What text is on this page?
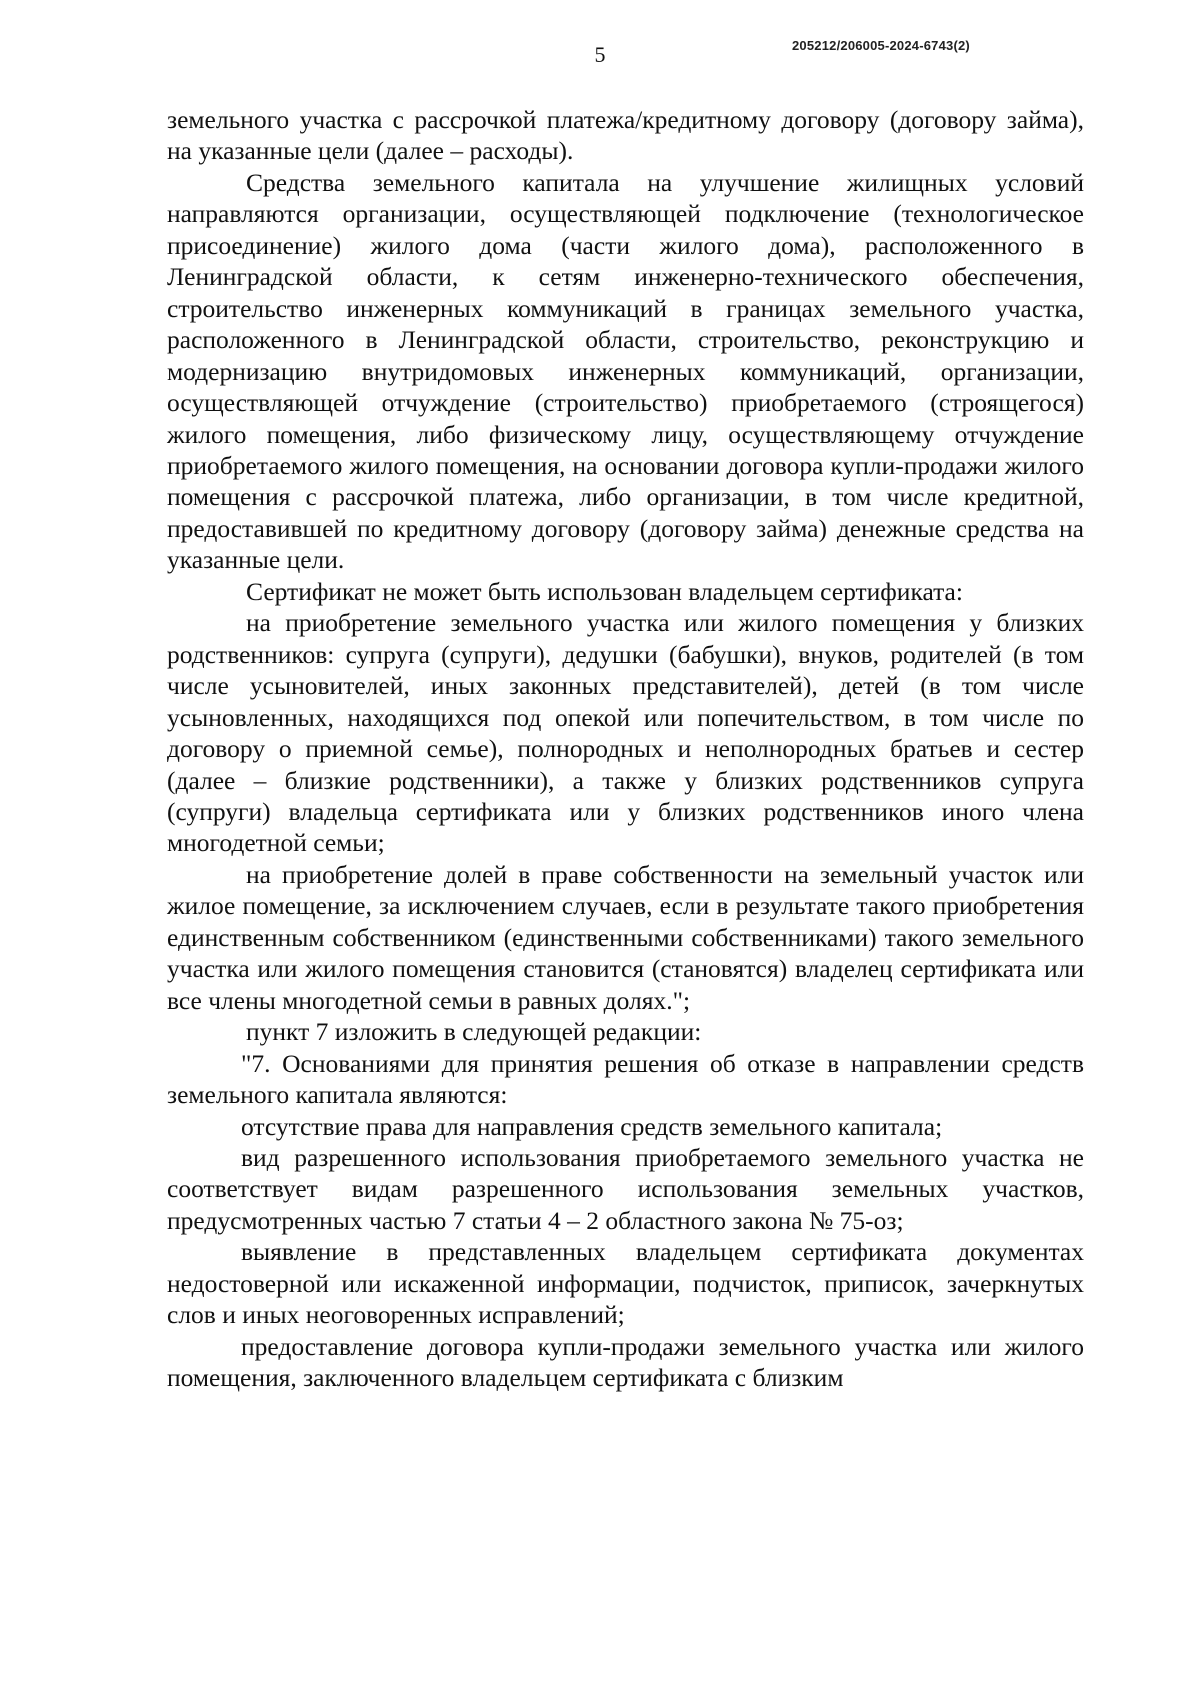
5	205212/206005-2024-6743(2)

земельного участка с рассрочкой платежа/кредитному договору (договору займа), на указанные цели (далее – расходы).

Средства земельного капитала на улучшение жилищных условий направляются организации, осуществляющей подключение (технологическое присоединение) жилого дома (части жилого дома), расположенного в Ленинградской области, к сетям инженерно-технического обеспечения, строительство инженерных коммуникаций в границах земельного участка, расположенного в Ленинградской области, строительство, реконструкцию и модернизацию внутридомовых инженерных коммуникаций, организации, осуществляющей отчуждение (строительство) приобретаемого (строящегося) жилого помещения, либо физическому лицу, осуществляющему отчуждение приобретаемого жилого помещения, на основании договора купли-продажи жилого помещения с рассрочкой платежа, либо организации, в том числе кредитной, предоставившей по кредитному договору (договору займа) денежные средства на указанные цели.

Сертификат не может быть использован владельцем сертификата:

на приобретение земельного участка или жилого помещения у близких родственников: супруга (супруги), дедушки (бабушки), внуков, родителей (в том числе усыновителей, иных законных представителей), детей (в том числе усыновленных, находящихся под опекой или попечительством, в том числе по договору о приемной семье), полнородных и неполнородных братьев и сестер (далее – близкие родственники), а также у близких родственников супруга (супруги) владельца сертификата или у близких родственников иного члена многодетной семьи;

на приобретение долей в праве собственности на земельный участок или жилое помещение, за исключением случаев, если в результате такого приобретения единственным собственником (единственными собственниками) такого земельного участка или жилого помещения становится (становятся) владелец сертификата или все члены многодетной семьи в равных долях.";

пункт 7 изложить в следующей редакции:

"7. Основаниями для принятия решения об отказе в направлении средств земельного капитала являются:

отсутствие права для направления средств земельного капитала;

вид разрешенного использования приобретаемого земельного участка не соответствует видам разрешенного использования земельных участков, предусмотренных частью 7 статьи 4 – 2 областного закона № 75-оз;

выявление в представленных владельцем сертификата документах недостоверной или искаженной информации, подчисток, приписок, зачеркнутых слов и иных неоговоренных исправлений;

предоставление договора купли-продажи земельного участка или жилого помещения, заключенного владельцем сертификата с близким
